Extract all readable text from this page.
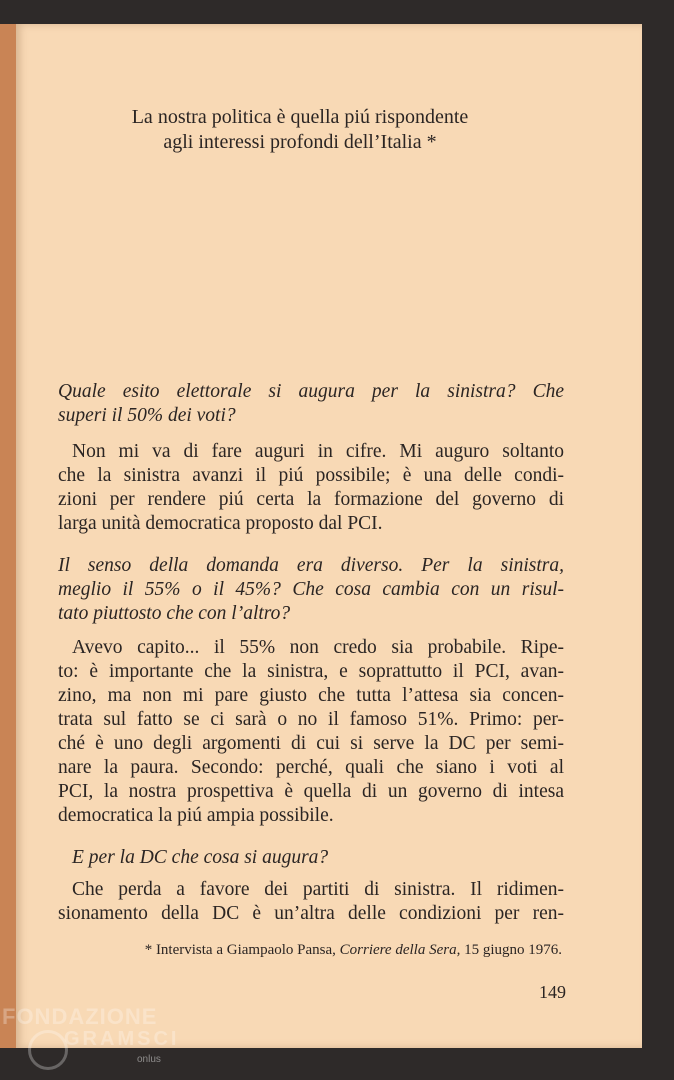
La nostra politica è quella piú rispondente
agli interessi profondi dell’Italia *
Quale esito elettorale si augura per la sinistra? Che
superi il 50% dei voti?
Non mi va di fare auguri in cifre. Mi auguro soltanto
che la sinistra avanzi il piú possibile; è una delle condi-
zioni per rendere piú certa la formazione del governo di
larga unità democratica proposto dal PCI.
Il senso della domanda era diverso. Per la sinistra,
meglio il 55% o il 45%? Che cosa cambia con un risul-
tato piuttosto che con l’altro?
Avevo capito... il 55% non credo sia probabile. Ripe-
to: è importante che la sinistra, e soprattutto il PCI, avan-
zino, ma non mi pare giusto che tutta l’attesa sia concen-
trata sul fatto se ci sarà o no il famoso 51%. Primo: per-
ché è uno degli argomenti di cui si serve la DC per semi-
nare la paura. Secondo: perché, quali che siano i voti al
PCI, la nostra prospettiva è quella di un governo di intesa
democratica la piú ampia possibile.
E per la DC che cosa si augura?
Che perda a favore dei partiti di sinistra. Il ridimen-
sionamento della DC è un’altra delle condizioni per ren-
* Intervista a Giampaolo Pansa, Corriere della Sera, 15 giugno 1976.
149
FONDAZIONE
GRAMSCI
onlus
